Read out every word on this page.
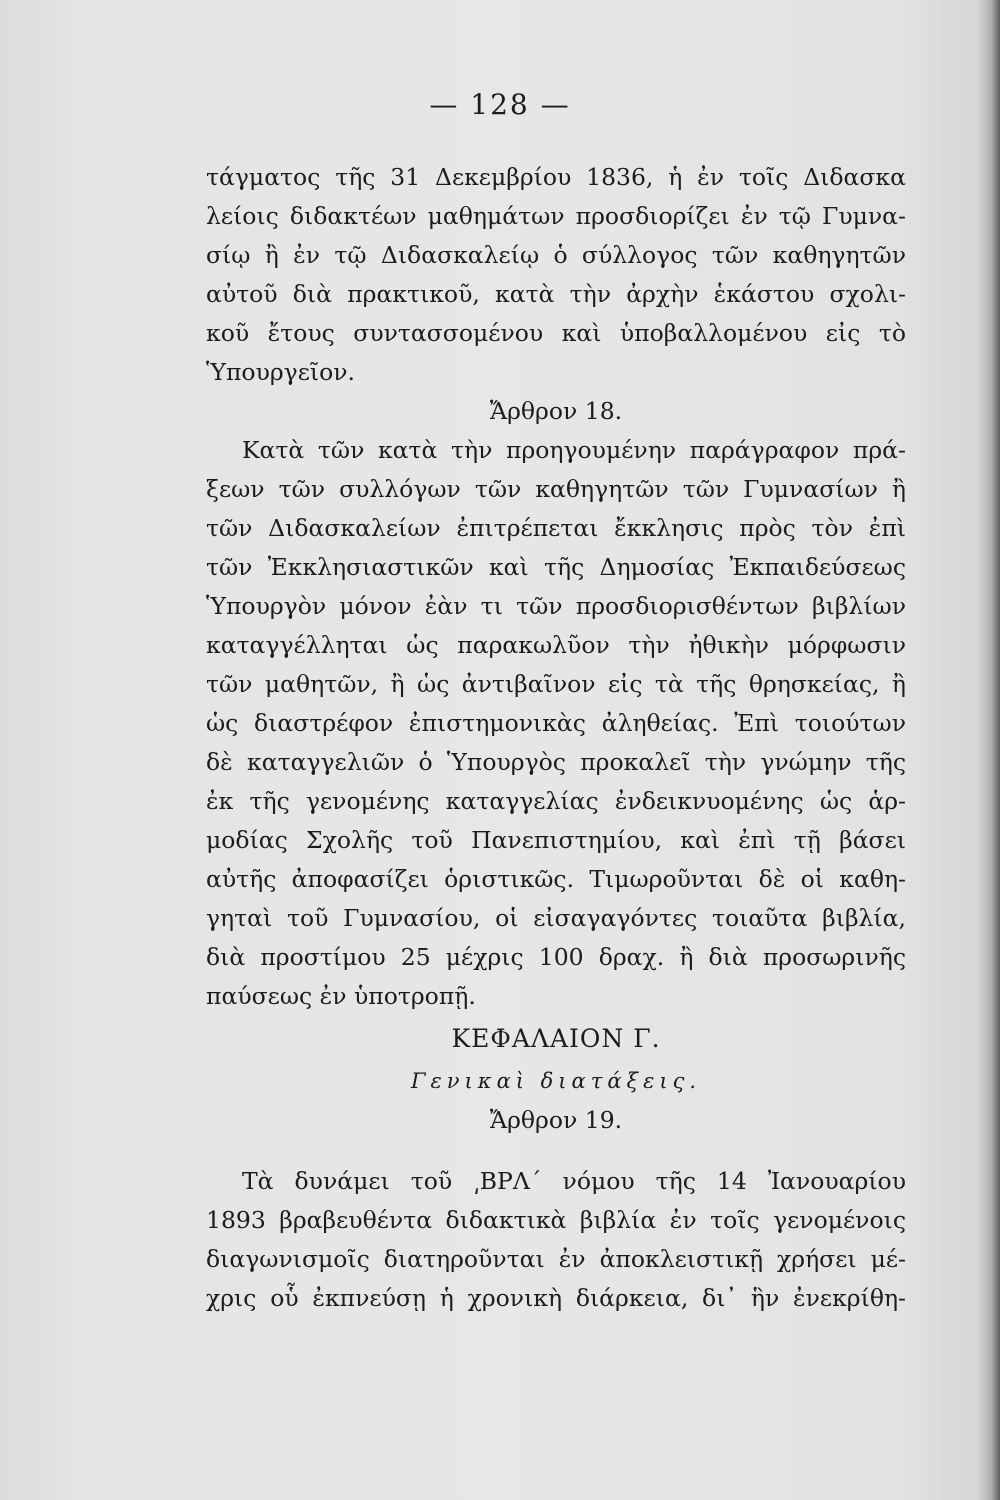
— 128 —
τάγματος τῆς 31 Δεκεμβρίου 1836, ἡ ἐν τοῖς Διδασκα
λείοις διδακτέων μαθημάτων προσδιορίζει ἐν τῷ Γυμνα-
σίῳ ἢ ἐν τῷ Διδασκαλείῳ ὁ σύλλογος τῶν καθηγητῶν
αὐτοῦ διὰ πρακτικοῦ, κατὰ τὴν ἀρχὴν ἑκάστου σχολι-
κοῦ ἔτους συντασσομένου καὶ ὑποβαλλομένου εἰς τὸ
Ὑπουργεῖον.
Ἄρθρον 18.
Κατὰ τῶν κατὰ τὴν προηγουμένην παράγραφον πρά-
ξεων τῶν συλλόγων τῶν καθηγητῶν τῶν Γυμνασίων ἢ
τῶν Διδασκαλείων ἐπιτρέπεται ἔκκλησις πρὸς τὸν ἐπὶ
τῶν Ἐκκλησιαστικῶν καὶ τῆς Δημοσίας Ἐκπαιδεύσεως
Ὑπουργὸν μόνον ἐὰν τι τῶν προσδιορισθέντων βιβλίων
καταγγέλληται ὡς παρακωλῦον τὴν ἠθικὴν μόρφωσιν
τῶν μαθητῶν, ἢ ὡς ἀντιβαῖνον εἰς τὰ τῆς θρησκείας, ἢ
ὡς διαστρέφον ἐπιστημονικὰς ἀληθείας. Ἐπὶ τοιούτων
δὲ καταγγελιῶν ὁ Ὑπουργὸς προκαλεῖ τὴν γνώμην τῆς
ἐκ τῆς γενομένης καταγγελίας ἐνδεικνυομένης ὡς ἁρ-
μοδίας Σχολῆς τοῦ Πανεπιστημίου, καὶ ἐπὶ τῇ βάσει
αὐτῆς ἀποφασίζει ὁριστικῶς. Τιμωροῦνται δὲ οἱ καθη-
γηταὶ τοῦ Γυμνασίου, οἱ εἰσαγαγόντες τοιαῦτα βιβλία,
διὰ προστίμου 25 μέχρις 100 δραχ. ἢ διὰ προσωρινῆς
παύσεως ἐν ὑποτροπῇ.
ΚΕΦΑΛΑΙΟΝ Γ.
Γενικαὶ διατάξεις.
Ἄρθρον 19.
Τὰ δυνάμει τοῦ ͵ΒΡΛ΄ νόμου τῆς 14 Ἰανουαρίου
1893 βραβευθέντα διδακτικὰ βιβλία ἐν τοῖς γενομένοις
διαγωνισμοῖς διατηροῦνται ἐν ἀποκλειστικῇ χρήσει μέ-
χρις οὗ ἐκπνεύσῃ ἡ χρονικὴ διάρκεια, δι᾽ ἣν ἐνεκρίθη-
